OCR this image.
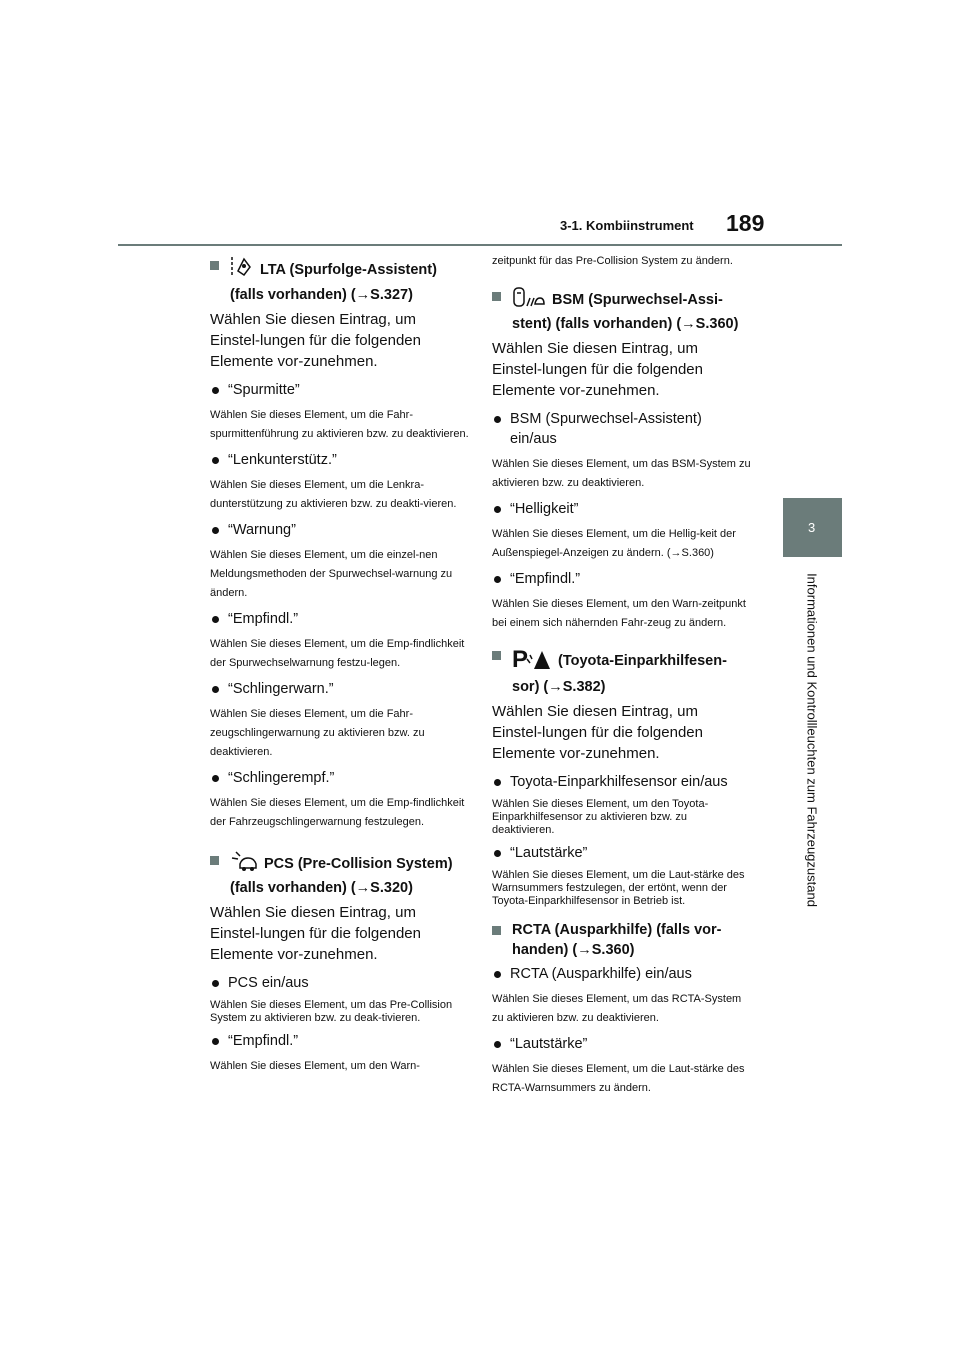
189
3-1. Kombiinstrument
3
Informationen und Kontrollleuchten zum Fahrzeugzustand
LTA (Spurfolge-Assistent)
(falls vorhanden) (→S.327)
Wählen Sie diesen Eintrag, um Einstel-lungen für die folgenden Elemente vor-zunehmen.
“Spurmitte”
Wählen Sie dieses Element, um die Fahr-spurmittenführung zu aktivieren bzw. zu deaktivieren.
“Lenkunterstütz.”
Wählen Sie dieses Element, um die Lenkra-dunterstützung zu aktivieren bzw. zu deakti-vieren.
“Warnung”
Wählen Sie dieses Element, um die einzel-nen Meldungsmethoden der Spurwechsel-warnung zu ändern.
“Empfindl.”
Wählen Sie dieses Element, um die Emp-findlichkeit der Spurwechselwarnung festzu-legen.
“Schlingerwarn.”
Wählen Sie dieses Element, um die Fahr-zeugschlingerwarnung zu aktivieren bzw. zu deaktivieren.
“Schlingerempf.”
Wählen Sie dieses Element, um die Emp-findlichkeit der Fahrzeugschlingerwarnung festzulegen.
PCS (Pre-Collision System)
(falls vorhanden) (→S.320)
Wählen Sie diesen Eintrag, um Einstel-lungen für die folgenden Elemente vor-zunehmen.
PCS ein/aus
Wählen Sie dieses Element, um das Pre-Collision System zu aktivieren bzw. zu deak-tivieren.
“Empfindl.”
Wählen Sie dieses Element, um den Warn-
zeitpunkt für das Pre-Collision System zu ändern.
BSM (Spurwechsel-Assi-
stent) (falls vorhanden) (→S.360)
Wählen Sie diesen Eintrag, um Einstel-lungen für die folgenden Elemente vor-zunehmen.
BSM (Spurwechsel-Assistent) ein/aus
Wählen Sie dieses Element, um das BSM-System zu aktivieren bzw. zu deaktivieren.
“Helligkeit”
Wählen Sie dieses Element, um die Hellig-keit der Außenspiegel-Anzeigen zu ändern. (→S.360)
“Empfindl.”
Wählen Sie dieses Element, um den Warn-zeitpunkt bei einem sich nähernden Fahr-zeug zu ändern.
P (Toyota-Einparkhilfesen-
sor) (→S.382)
Wählen Sie diesen Eintrag, um Einstel-lungen für die folgenden Elemente vor-zunehmen.
Toyota-Einparkhilfesensor ein/aus
Wählen Sie dieses Element, um den Toyota-Einparkhilfesensor zu aktivieren bzw. zu deaktivieren.
“Lautstärke”
Wählen Sie dieses Element, um die Laut-stärke des Warnsummers festzulegen, der ertönt, wenn der Toyota-Einparkhilfesensor in Betrieb ist.
RCTA (Ausparkhilfe) (falls vor-
handen) (→S.360)
RCTA (Ausparkhilfe) ein/aus
Wählen Sie dieses Element, um das RCTA-System zu aktivieren bzw. zu deaktivieren.
“Lautstärke”
Wählen Sie dieses Element, um die Laut-stärke des RCTA-Warnsummers zu ändern.
